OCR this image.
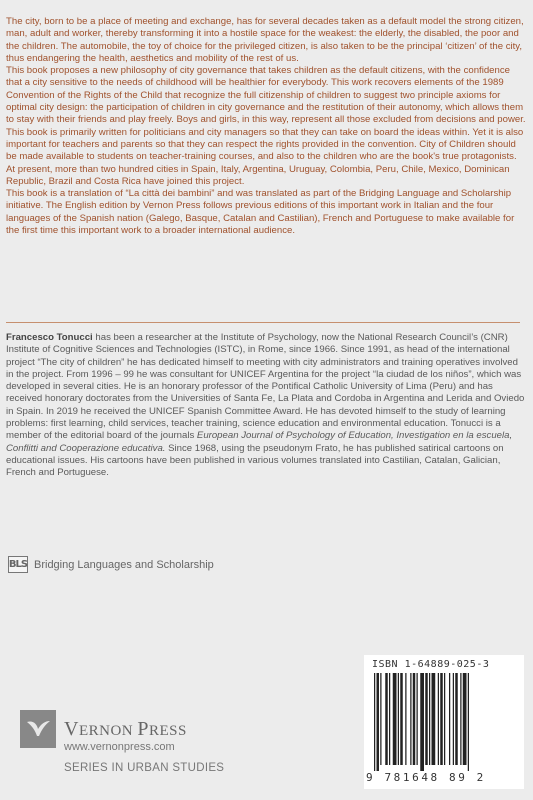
The city, born to be a place of meeting and exchange, has for several decades taken as a default model the strong citizen, man, adult and worker, thereby transforming it into a hostile space for the weakest: the elderly, the disabled, the poor and the children. The automobile, the toy of choice for the privileged citizen, is also taken to be the principal ‘citizen’ of the city, thus endangering the health, aesthetics and mobility of the rest of us.

This book proposes a new philosophy of city governance that takes children as the default citizens, with the confidence that a city sensitive to the needs of childhood will be healthier for everybody. This work recovers elements of the 1989 Convention of the Rights of the Child that recognize the full citizenship of children to suggest two principle axioms for optimal city design: the participation of children in city governance and the restitution of their autonomy, which allows them to stay with their friends and play freely. Boys and girls, in this way, represent all those excluded from decisions and power.

This book is primarily written for politicians and city managers so that they can take on board the ideas within. Yet it is also important for teachers and parents so that they can respect the rights provided in the convention. City of Children should be made available to students on teacher-training courses, and also to the children who are the book's true protagonists. At present, more than two hundred cities in Spain, Italy, Argentina, Uruguay, Colombia, Peru, Chile, Mexico, Dominican Republic, Brazil and Costa Rica have joined this project.

This book is a translation of “La città dei bambini” and was translated as part of the Bridging Language and Scholarship initiative. The English edition by Vernon Press follows previous editions of this important work in Italian and the four languages of the Spanish nation (Galego, Basque, Catalan and Castilian), French and Portuguese to make available for the first time this important work to a broader international audience.

Francesco Tonucci has been a researcher at the Institute of Psychology, now the National Research Council’s (CNR) Institute of Cognitive Sciences and Technologies (ISTC), in Rome, since 1966. Since 1991, as head of the international project “The city of children” he has dedicated himself to meeting with city administrators and training operatives involved in the project. From 1996 – 99 he was consultant for UNICEF Argentina for the project “la ciudad de los niños”, which was developed in several cities. He is an honorary professor of the Pontifical Catholic University of Lima (Peru) and has received honorary doctorates from the Universities of Santa Fe, La Plata and Cordoba in Argentina and Lerida and Oviedo in Spain. In 2019 he received the UNICEF Spanish Committee Award. He has devoted himself to the study of learning problems: first learning, child services, teacher training, science education and environmental education. Tonucci is a member of the editorial board of the journals European Journal of Psychology of Education, Investigation en la escuela, Conflitti and Cooperazione educativa. Since 1968, using the pseudonym Frato, he has published satirical cartoons on educational issues. His cartoons have been published in various volumes translated into Castilian, Catalan, Galician, French and Portuguese.

BLS Bridging Languages and Scholarship
VERNON PRESS
www.vernonpress.com
SERIES IN URBAN STUDIES
ISBN 1-64889-025-3
9 781648 89 2
